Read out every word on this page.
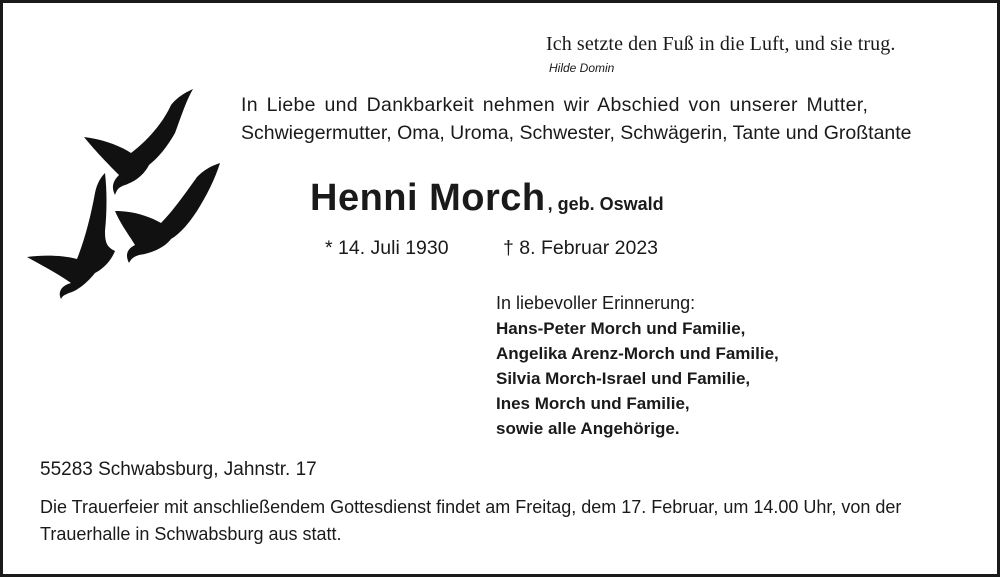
Ich setzte den Fuß in die Luft, und sie trug.
Hilde Domin
In Liebe und Dankbarkeit nehmen wir Abschied von unserer Mutter,
Schwiegermutter, Oma, Uroma, Schwester, Schwägerin, Tante und Großtante
Henni Morch , geb. Oswald
* 14. Juli 1930	† 8. Februar 2023
In liebevoller Erinnerung:
Hans-Peter Morch und Familie,
Angelika Arenz-Morch und Familie,
Silvia Morch-Israel und Familie,
Ines Morch und Familie,
sowie alle Angehörige.
55283 Schwabsburg, Jahnstr. 17
Die Trauerfeier mit anschließendem Gottesdienst findet am Freitag, dem 17. Februar, um 14.00 Uhr, von der Trauerhalle in Schwabsburg aus statt.
